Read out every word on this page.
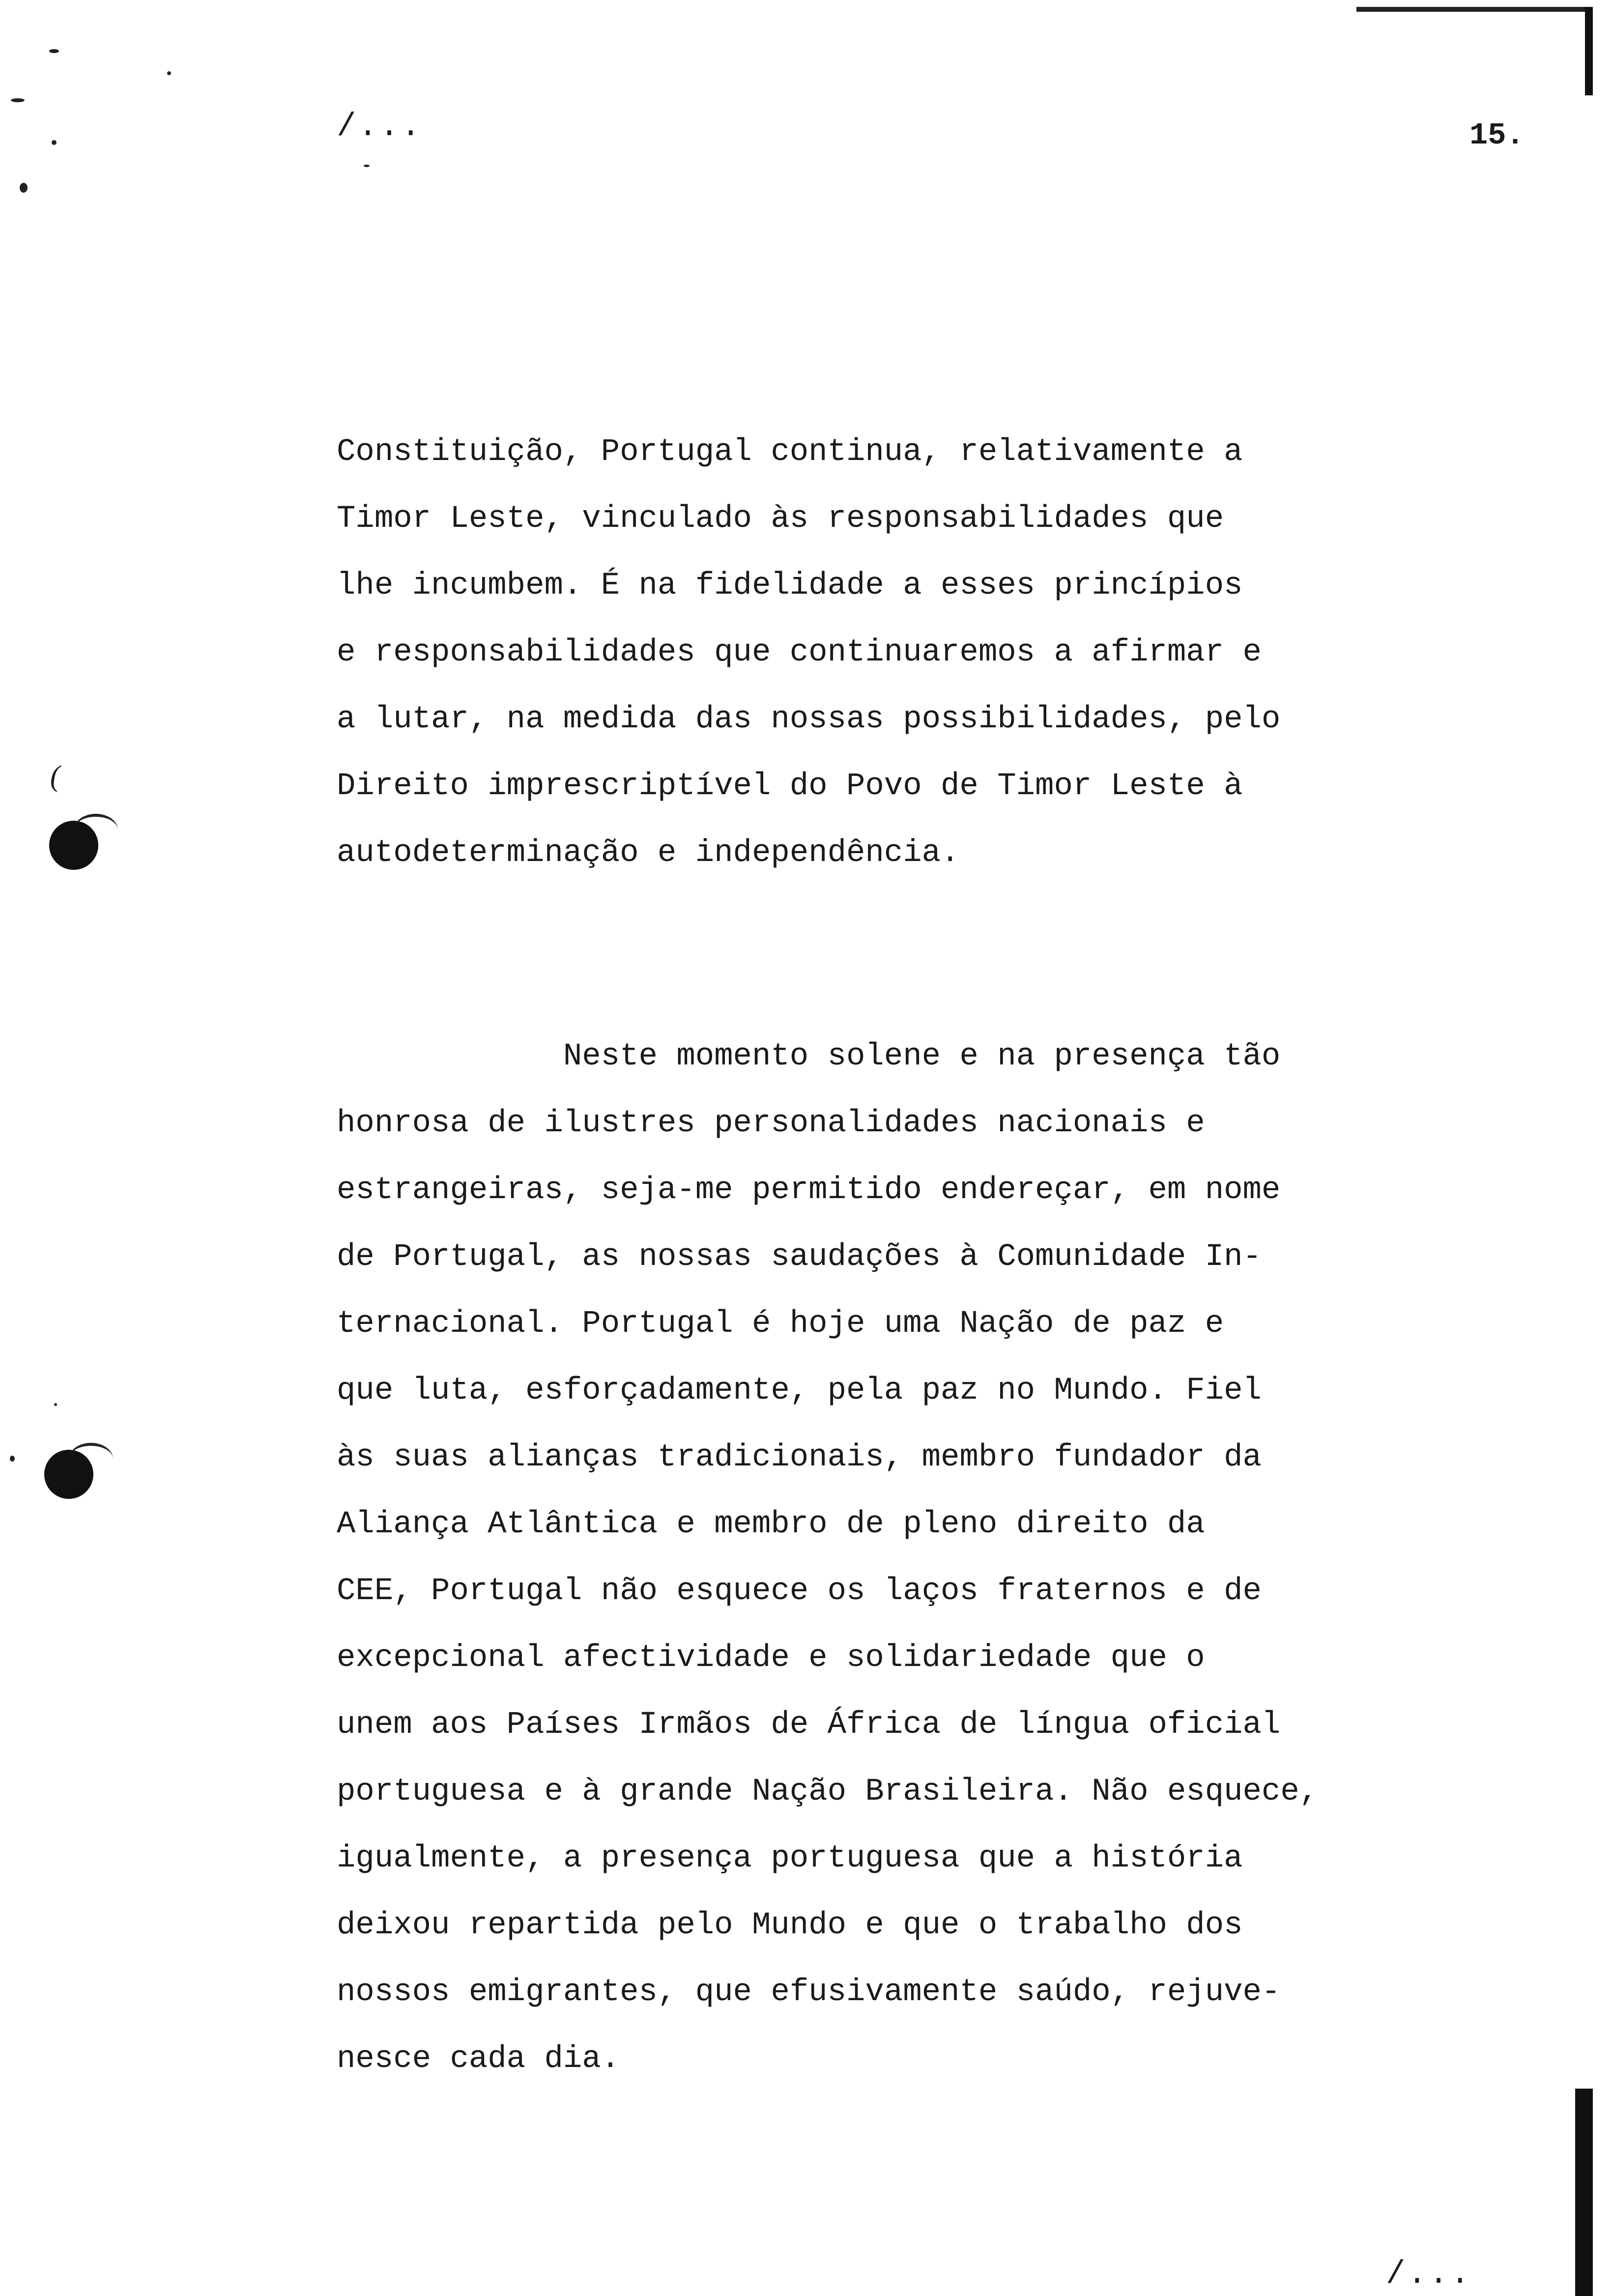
(
/...	15.

Constituição, Portugal continua, relativamente a
Timor Leste, vinculado às responsabilidades que
lhe incumbem. É na fidelidade a esses princípios
e responsabilidades que continuaremos a afirmar e
a lutar, na medida das nossas possibilidades, pelo
Direito imprescriptível do Povo de Timor Leste à
autodeterminação e independência.

Neste momento solene e na presença tão
honrosa de ilustres personalidades nacionais e
estrangeiras, seja-me permitido endereçar, em nome
de Portugal, as nossas saudações à Comunidade In-
ternacional. Portugal é hoje uma Nação de paz e
que luta, esforçadamente, pela paz no Mundo. Fiel
às suas alianças tradicionais, membro fundador da
Aliança Atlântica e membro de pleno direito da
CEE, Portugal não esquece os laços fraternos e de
excepcional afectividade e solidariedade que o
unem aos Países Irmãos de África de língua oficial
portuguesa e à grande Nação Brasileira. Não esquece,
igualmente, a presença portuguesa que a história
deixou repartida pelo Mundo e que o trabalho dos
nossos emigrantes, que efusivamente saúdo, rejuve-
nesce cada dia.

/...
